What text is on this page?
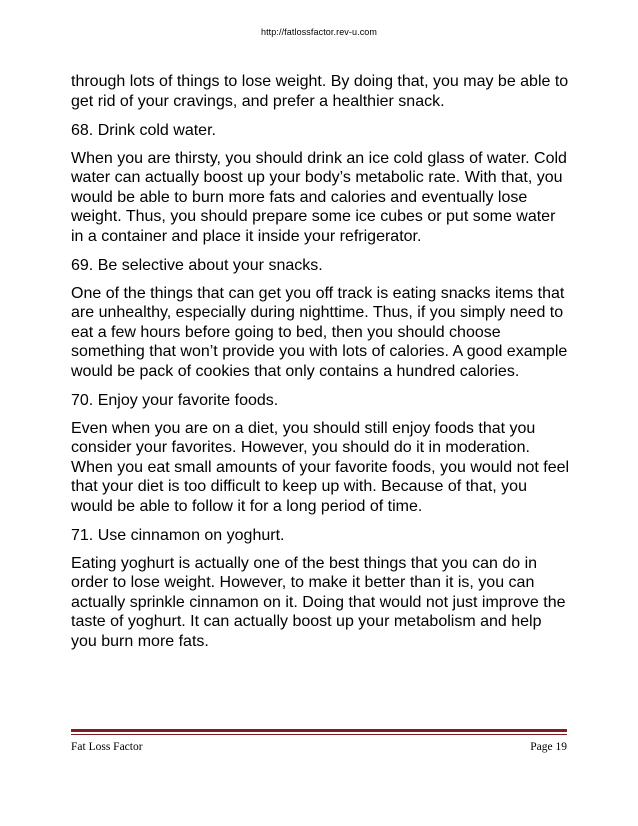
http://fatlossfactor.rev-u.com

through lots of things to lose weight. By doing that, you may be able to get rid of your cravings, and prefer a healthier snack.

68. Drink cold water.

When you are thirsty, you should drink an ice cold glass of water. Cold water can actually boost up your body’s metabolic rate. With that, you would be able to burn more fats and calories and eventually lose weight. Thus, you should prepare some ice cubes or put some water in a container and place it inside your refrigerator.

69. Be selective about your snacks.

One of the things that can get you off track is eating snacks items that are unhealthy, especially during nighttime. Thus, if you simply need to eat a few hours before going to bed, then you should choose something that won’t provide you with lots of calories. A good example would be pack of cookies that only contains a hundred calories.

70. Enjoy your favorite foods.

Even when you are on a diet, you should still enjoy foods that you consider your favorites. However, you should do it in moderation. When you eat small amounts of your favorite foods, you would not feel that your diet is too difficult to keep up with. Because of that, you would be able to follow it for a long period of time.

71. Use cinnamon on yoghurt.

Eating yoghurt is actually one of the best things that you can do in order to lose weight. However, to make it better than it is, you can actually sprinkle cinnamon on it. Doing that would not just improve the taste of yoghurt. It can actually boost up your metabolism and help you burn more fats.

Fat Loss Factor	Page 19
